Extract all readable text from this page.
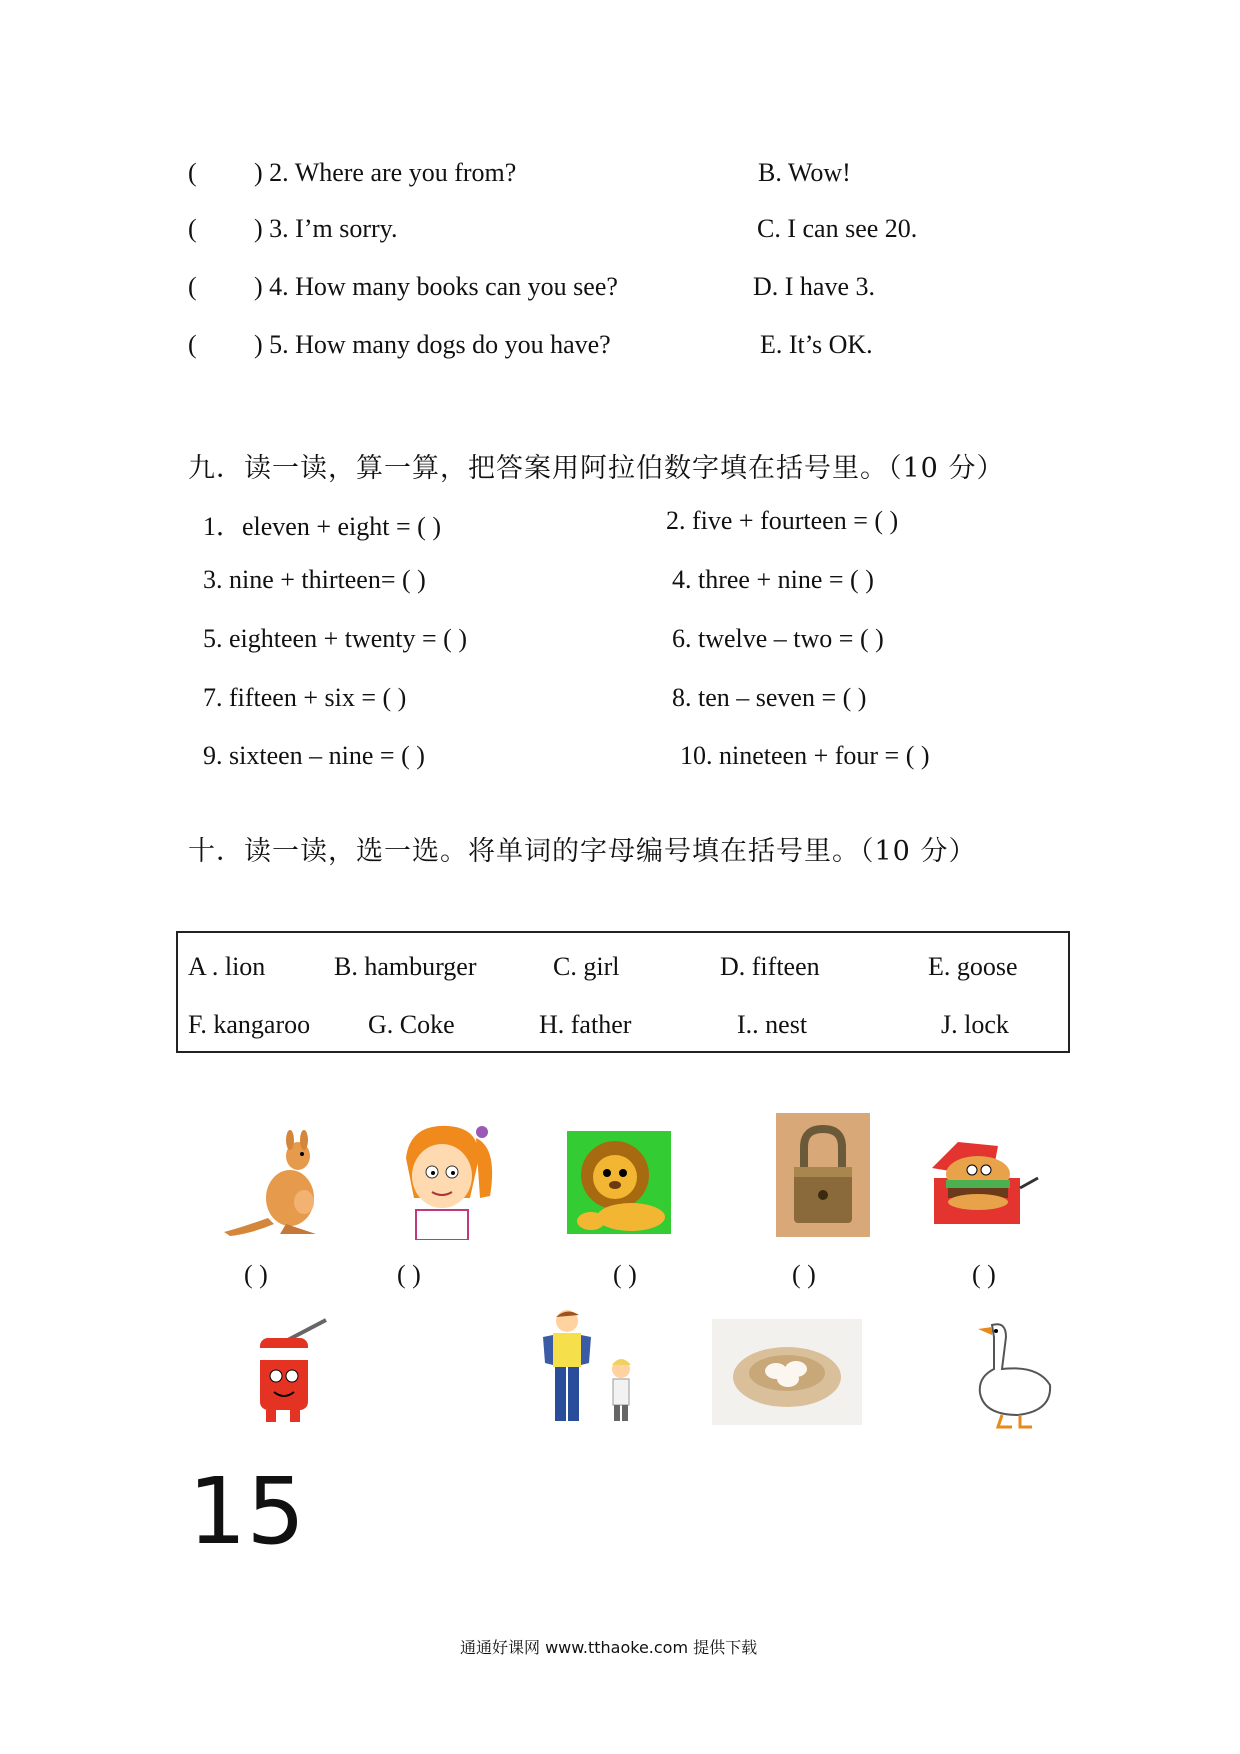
( ) 2. Where are you from?	B. Wow!
( ) 3. I’m sorry.	C. I can see 20.
( ) 4. How many books can you see?	D. I have 3.
( ) 5. How many dogs do you have?	E. It’s OK.
九．读一读，算一算，把答案用阿拉伯数字填在括号里。（10 分）
1．eleven + eight = ( )	2. five + fourteen = ( )
3. nine + thirteen= ( )	4. three + nine = ( )
5. eighteen + twenty = ( )	6. twelve – two = ( )
7. fifteen + six = ( )	8. ten – seven = ( )
9. sixteen – nine = ( )	10. nineteen + four = ( )
十．读一读，选一选。将单词的字母编号填在括号里。（10 分）
A . lion	B. hamburger	C. girl	D. fifteen	E. goose
F. kangaroo G. Coke	H. father	I.. nest	J. lock
( )	( )	( )	( )	( )
15
通通好课网 www.tthaoke.com 提供下载
